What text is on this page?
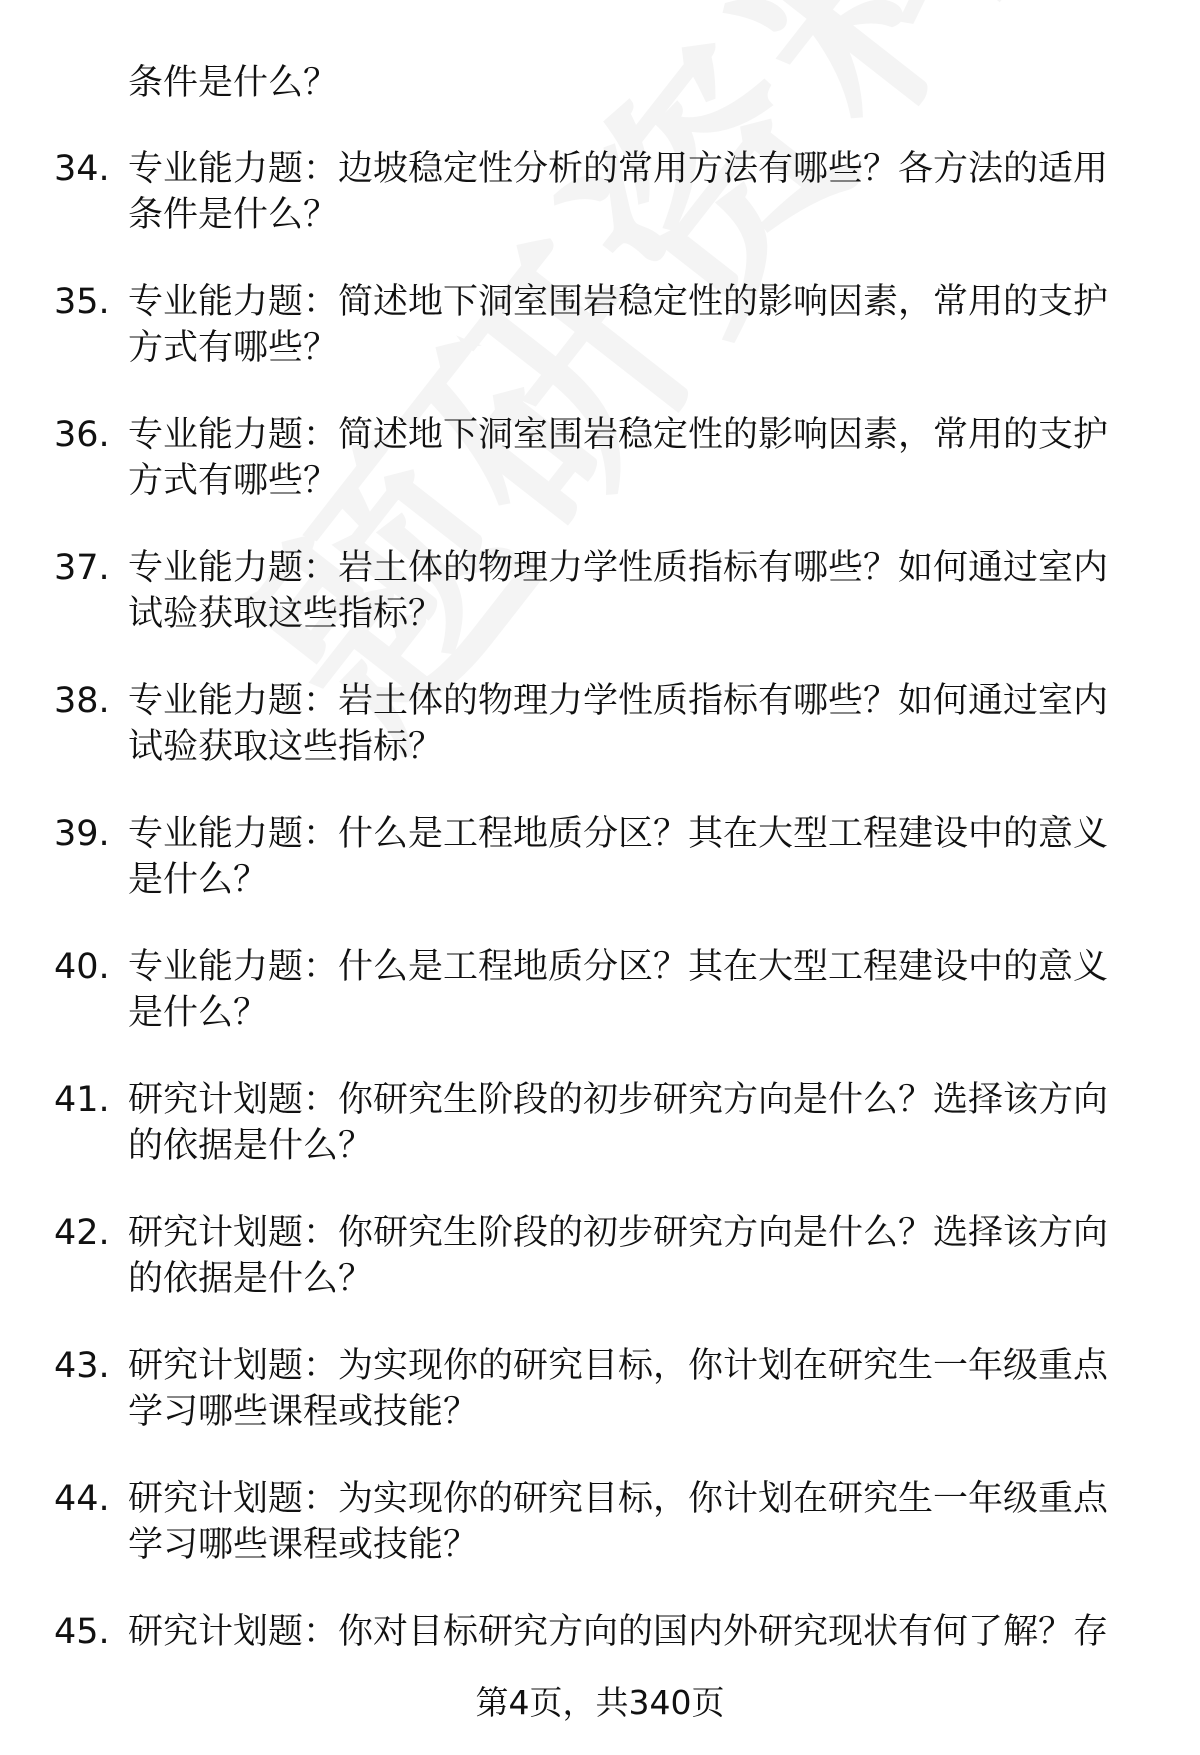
条件是什么？
34. 专业能力题：边坡稳定性分析的常用方法有哪些？各方法的适用
条件是什么？
35. 专业能力题：简述地下洞室围岩稳定性的影响因素，常用的支护
方式有哪些？
36. 专业能力题：简述地下洞室围岩稳定性的影响因素，常用的支护
方式有哪些？
37. 专业能力题：岩土体的物理力学性质指标有哪些？如何通过室内
试验获取这些指标？
38. 专业能力题：岩土体的物理力学性质指标有哪些？如何通过室内
试验获取这些指标？
39. 专业能力题：什么是工程地质分区？其在大型工程建设中的意义
是什么？
40. 专业能力题：什么是工程地质分区？其在大型工程建设中的意义
是什么？
41. 研究计划题：你研究生阶段的初步研究方向是什么？选择该方向
的依据是什么？
42. 研究计划题：你研究生阶段的初步研究方向是什么？选择该方向
的依据是什么？
43. 研究计划题：为实现你的研究目标，你计划在研究生一年级重点
学习哪些课程或技能？
44. 研究计划题：为实现你的研究目标，你计划在研究生一年级重点
学习哪些课程或技能？
45. 研究计划题：你对目标研究方向的国内外研究现状有何了解？存
第4页，共340页
